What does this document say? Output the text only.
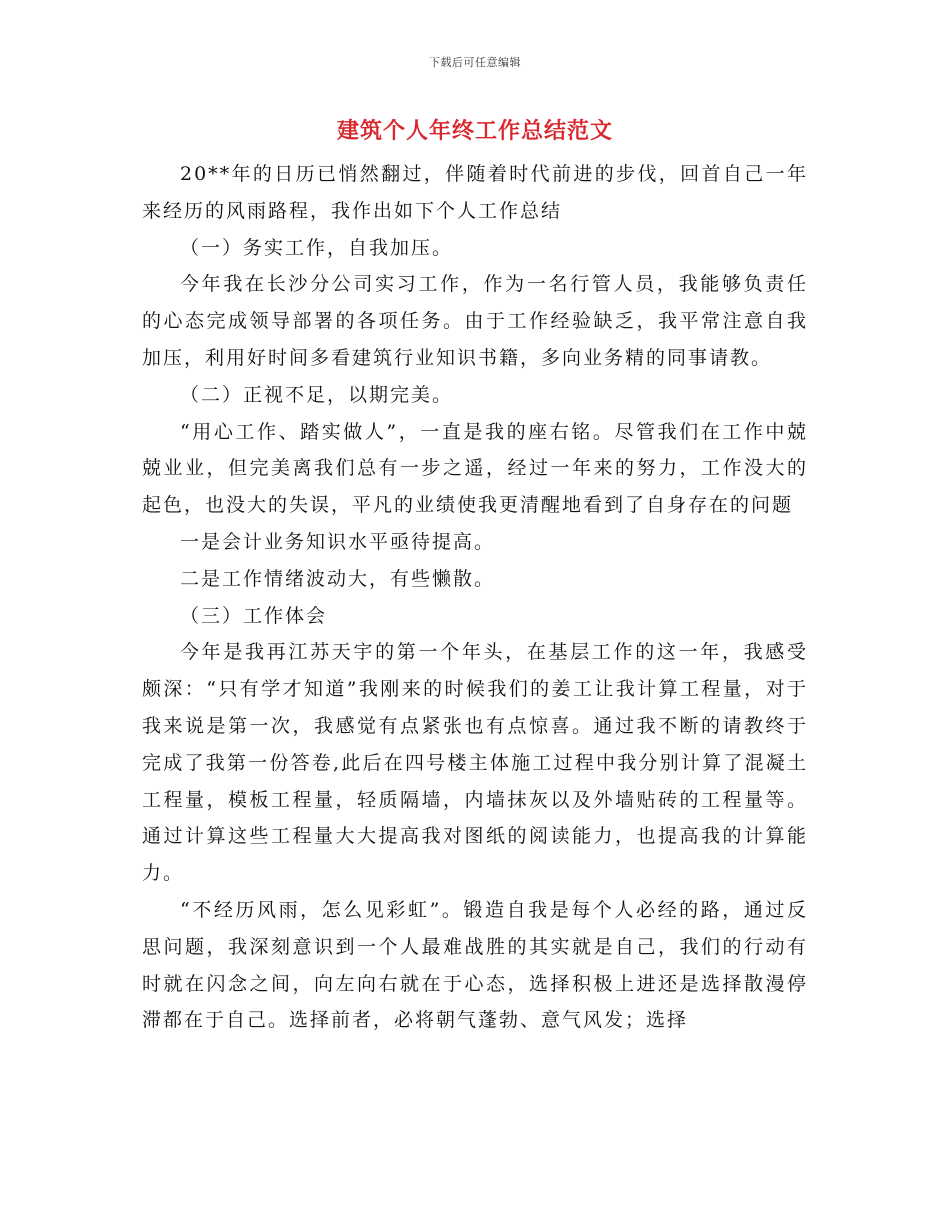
下载后可任意编辑
建筑个人年终工作总结范文

20**年的日历已悄然翻过，伴随着时代前进的步伐，回首自己一年来经历的风雨路程，我作出如下个人工作总结

（一）务实工作，自我加压。

今年我在长沙分公司实习工作，作为一名行管人员，我能够负责任的心态完成领导部署的各项任务。由于工作经验缺乏，我平常注意自我加压，利用好时间多看建筑行业知识书籍，多向业务精的同事请教。

（二）正视不足，以期完美。

“用心工作、踏实做人”，一直是我的座右铭。尽管我们在工作中兢兢业业，但完美离我们总有一步之遥，经过一年来的努力，工作没大的起色，也没大的失误，平凡的业绩使我更清醒地看到了自身存在的问题

一是会计业务知识水平亟待提高。

二是工作情绪波动大，有些懒散。

（三）工作体会

今年是我再江苏天宇的第一个年头，在基层工作的这一年，我感受颇深：“只有学才知道”我刚来的时候我们的姜工让我计算工程量，对于我来说是第一次，我感觉有点紧张也有点惊喜。通过我不断的请教终于完成了我第一份答卷,此后在四号楼主体施工过程中我分别计算了混凝土工程量，模板工程量，轻质隔墙，内墙抹灰以及外墙贴砖的工程量等。通过计算这些工程量大大提高我对图纸的阅读能力，也提高我的计算能力。

“不经历风雨，怎么见彩虹”。锻造自我是每个人必经的路，通过反思问题，我深刻意识到一个人最难战胜的其实就是自己，我们的行动有时就在闪念之间，向左向右就在于心态，选择积极上进还是选择散漫停滞都在于自己。选择前者，必将朝气蓬勃、意气风发；选择
